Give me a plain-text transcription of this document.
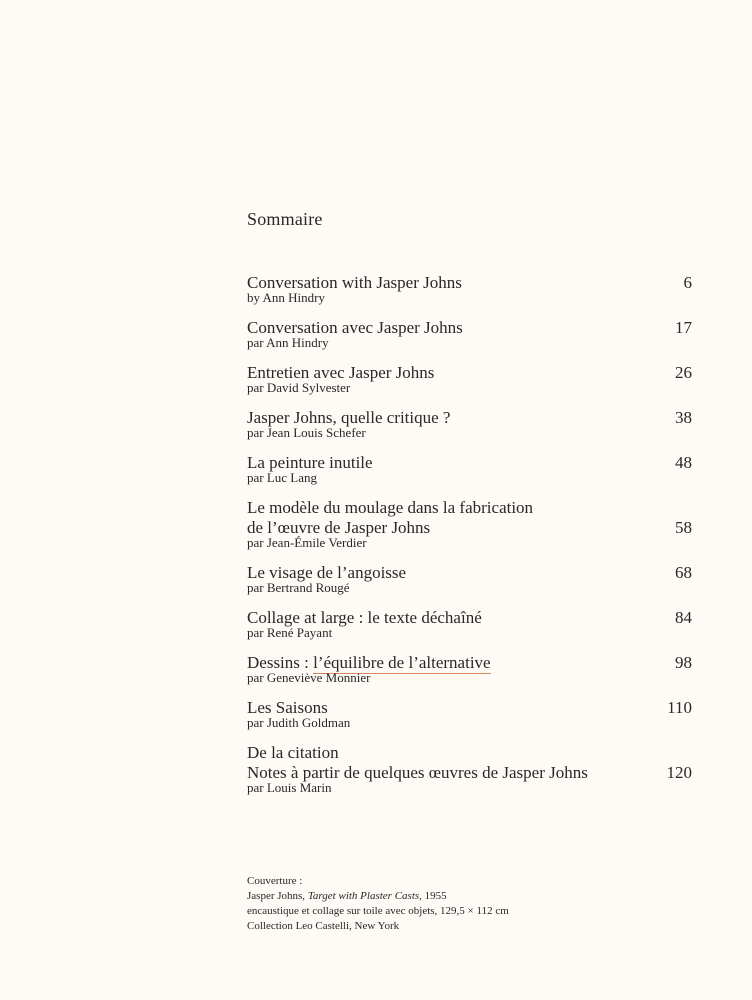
Sommaire
Conversation with Jasper Johns
by Ann Hindry
6
Conversation avec Jasper Johns
par Ann Hindry
17
Entretien avec Jasper Johns
par David Sylvester
26
Jasper Johns, quelle critique ?
par Jean Louis Schefer
38
La peinture inutile
par Luc Lang
48
Le modèle du moulage dans la fabrication
de l’œuvre de Jasper Johns
par Jean-Émile Verdier
58
Le visage de l’angoisse
par Bertrand Rougé
68
Collage at large : le texte déchaîné
par René Payant
84
Dessins : l’équilibre de l’alternative
par Geneviève Monnier
98
Les Saisons
par Judith Goldman
110
De la citation
Notes à partir de quelques œuvres de Jasper Johns
par Louis Marin
120
Couverture :
Jasper Johns, Target with Plaster Casts, 1955
encaustique et collage sur toile avec objets, 129,5 × 112 cm
Collection Leo Castelli, New York
